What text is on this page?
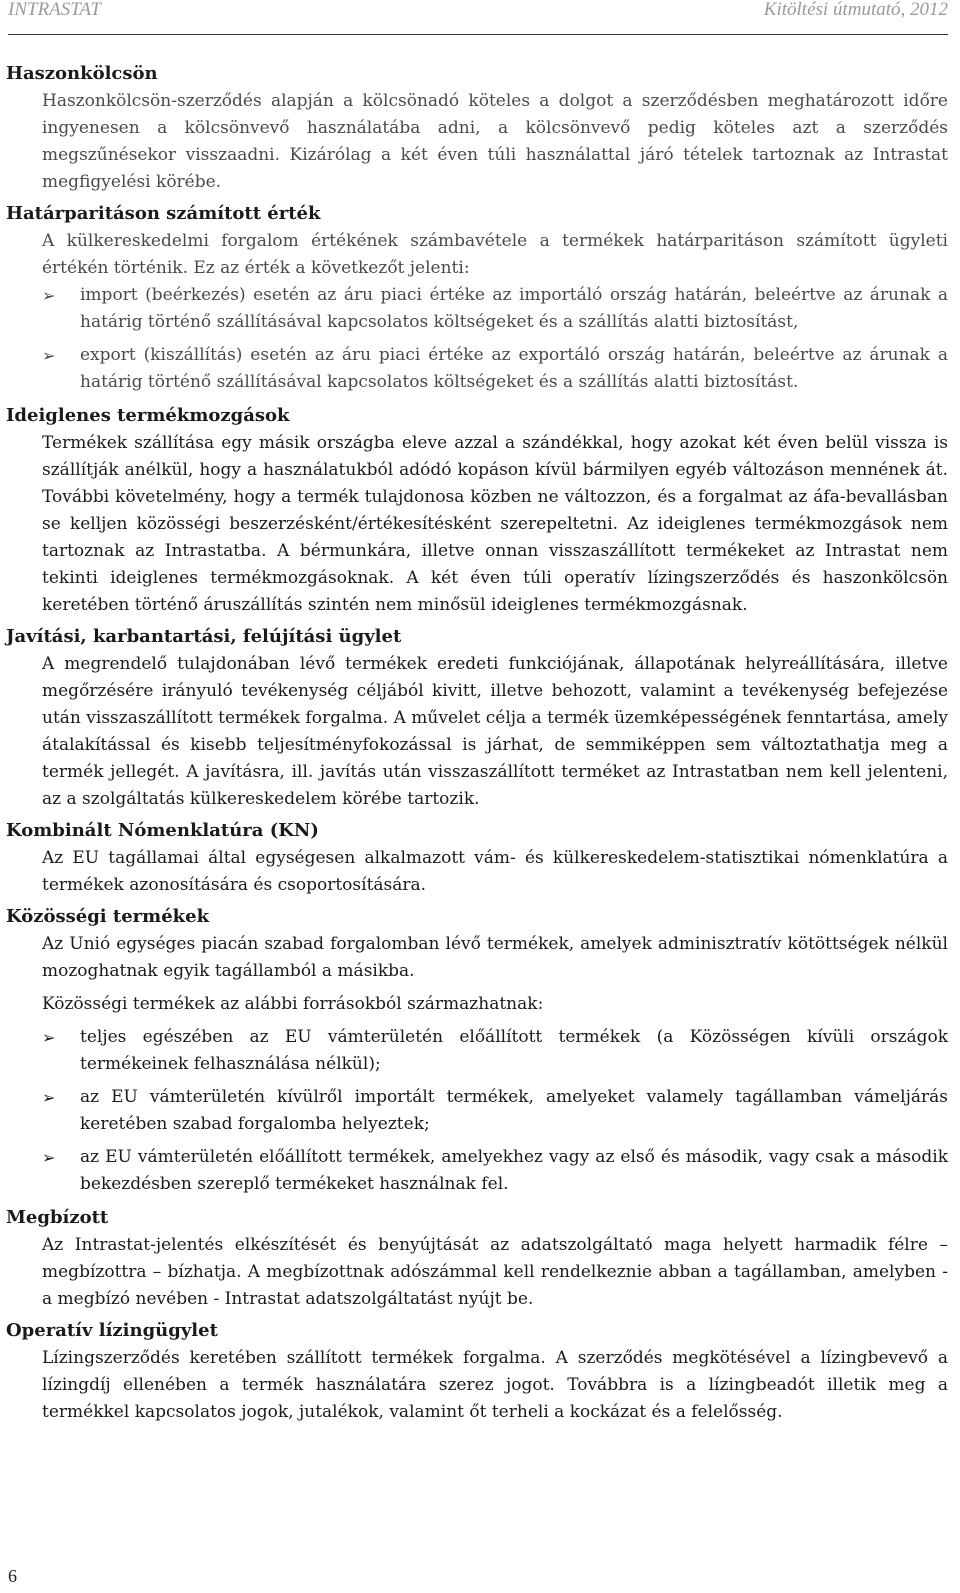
INTRASTAT	Kitöltési útmutató, 2012
Haszonkölcsön

Haszonkölcsön-szerződés alapján a kölcsönadó köteles a dolgot a szerződésben meghatározott időre ingyenesen a kölcsönvevő használatába adni, a kölcsönvevő pedig köteles azt a szerződés megszűnésekor visszaadni. Kizárólag a két éven túli használattal járó tételek tartoznak az Intrastat megfigyelési körébe.

Határparitáson számított érték

A külkereskedelmi forgalom értékének számbavétele a termékek határparitáson számított ügyleti értékén történik. Ez az érték a következőt jelenti:

➢ import (beérkezés) esetén az áru piaci értéke az importáló ország határán, beleértve az árunak a határig történő szállításával kapcsolatos költségeket és a szállítás alatti biztosítást,
➢ export (kiszállítás) esetén az áru piaci értéke az exportáló ország határán, beleértve az árunak a határig történő szállításával kapcsolatos költségeket és a szállítás alatti biztosítást.
Ideiglenes termékmozgások

Termékek szállítása egy másik országba eleve azzal a szándékkal, hogy azokat két éven belül vissza is szállítják anélkül, hogy a használatukból adódó kopáson kívül bármilyen egyéb változáson mennének át. További követelmény, hogy a termék tulajdonosa közben ne változzon, és a forgalmat az áfa-bevallásban se kelljen közösségi beszerzésként/értékesítésként szerepeltetni. Az ideiglenes termékmozgások nem tartoznak az Intrastatba. A bérmunkára, illetve onnan visszaszállított termékeket az Intrastat nem tekinti ideiglenes termékmozgásoknak. A két éven túli operatív lízingszerződés és haszonkölcsön keretében történő áruszállítás szintén nem minősül ideiglenes termékmozgásnak.

Javítási, karbantartási, felújítási ügylet

A megrendelő tulajdonában lévő termékek eredeti funkciójának, állapotának helyreállítására, illetve megőrzésére irányuló tevékenység céljából kivitt, illetve behozott, valamint a tevékenység befejezése után visszaszállított termékek forgalma. A művelet célja a termék üzemképességének fenntartása, amely átalakítással és kisebb teljesítményfokozással is járhat, de semmiképpen sem változtathatja meg a termék jellegét. A javításra, ill. javítás után visszaszállított terméket az Intrastatban nem kell jelenteni, az a szolgáltatás külkereskedelem körébe tartozik.

Kombinált Nómenklatúra (KN)

Az EU tagállamai által egységesen alkalmazott vám- és külkereskedelem-statisztikai nómenklatúra a termékek azonosítására és csoportosítására.

Közösségi termékek

Az Unió egységes piacán szabad forgalomban lévő termékek, amelyek adminisztratív kötöttségek nélkül mozoghatnak egyik tagállamból a másikba.

Közösségi termékek az alábbi forrásokból származhatnak:

➢ teljes egészében az EU vámterületén előállított termékek (a Közösségen kívüli országok termékeinek felhasználása nélkül);
➢ az EU vámterületén kívülről importált termékek, amelyeket valamely tagállamban vámeljárás keretében szabad forgalomba helyeztek;
➢ az EU vámterületén előállított termékek, amelyekhez vagy az első és második, vagy csak a második bekezdésben szereplő termékeket használnak fel.
Megbízott

Az Intrastat-jelentés elkészítését és benyújtását az adatszolgáltató maga helyett harmadik félre – megbízottra – bízhatja. A megbízottnak adószámmal kell rendelkeznie abban a tagállamban, amelyben - a megbízó nevében - Intrastat adatszolgáltatást nyújt be.

Operatív lízingügylet

Lízingszerződés keretében szállított termékek forgalma. A szerződés megkötésével a lízingbevevő a lízingdíj ellenében a termék használatára szerez jogot. Továbbra is a lízingbeadót illetik meg a termékkel kapcsolatos jogok, jutalékok, valamint őt terheli a kockázat és a felelősség.

6
